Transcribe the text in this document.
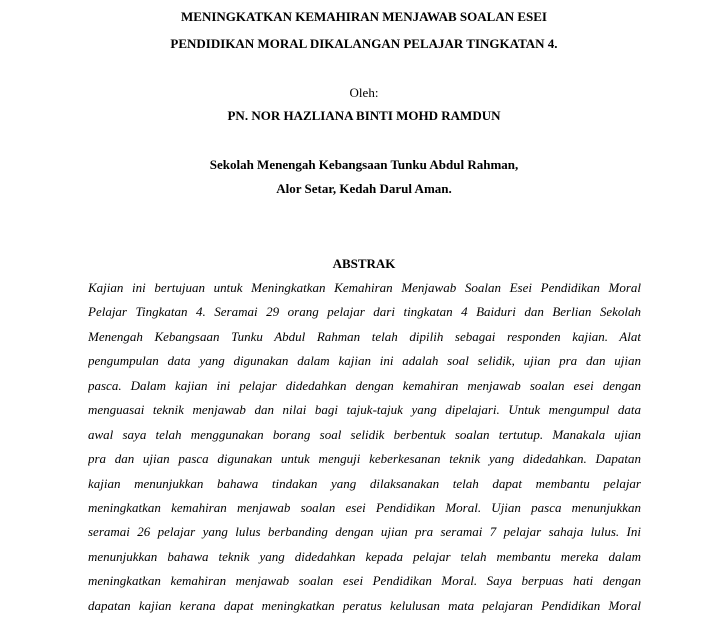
MENINGKATKAN KEMAHIRAN MENJAWAB SOALAN ESEI
PENDIDIKAN MORAL DIKALANGAN PELAJAR TINGKATAN 4.
Oleh:
PN. NOR HAZLIANA BINTI MOHD RAMDUN
Sekolah Menengah Kebangsaan Tunku Abdul Rahman,
Alor Setar, Kedah Darul Aman.
ABSTRAK
Kajian ini bertujuan untuk Meningkatkan Kemahiran Menjawab Soalan Esei Pendidikan Moral
Pelajar Tingkatan 4. Seramai 29 orang pelajar dari tingkatan 4 Baiduri dan Berlian Sekolah
Menengah Kebangsaan Tunku Abdul Rahman telah dipilih sebagai responden kajian. Alat
pengumpulan data yang digunakan dalam kajian ini adalah soal selidik, ujian pra dan ujian
pasca. Dalam kajian ini pelajar didedahkan dengan kemahiran menjawab soalan esei dengan
menguasai teknik menjawab dan nilai bagi tajuk-tajuk yang dipelajari. Untuk mengumpul data
awal saya telah menggunakan borang soal selidik berbentuk soalan tertutup. Manakala ujian
pra dan ujian pasca digunakan untuk menguji keberkesanan teknik yang didedahkan. Dapatan
kajian menunjukkan bahawa tindakan yang dilaksanakan telah dapat membantu pelajar
meningkatkan kemahiran menjawab soalan esei Pendidikan Moral. Ujian pasca menunjukkan
seramai 26 pelajar yang lulus berbanding dengan ujian pra seramai 7 pelajar sahaja lulus. Ini
menunjukkan bahawa teknik yang didedahkan kepada pelajar telah membantu mereka dalam
meningkatkan kemahiran menjawab soalan esei Pendidikan Moral. Saya berpuas hati dengan
dapatan kajian kerana dapat meningkatkan peratus kelulusan mata pelajaran Pendidikan Moral
